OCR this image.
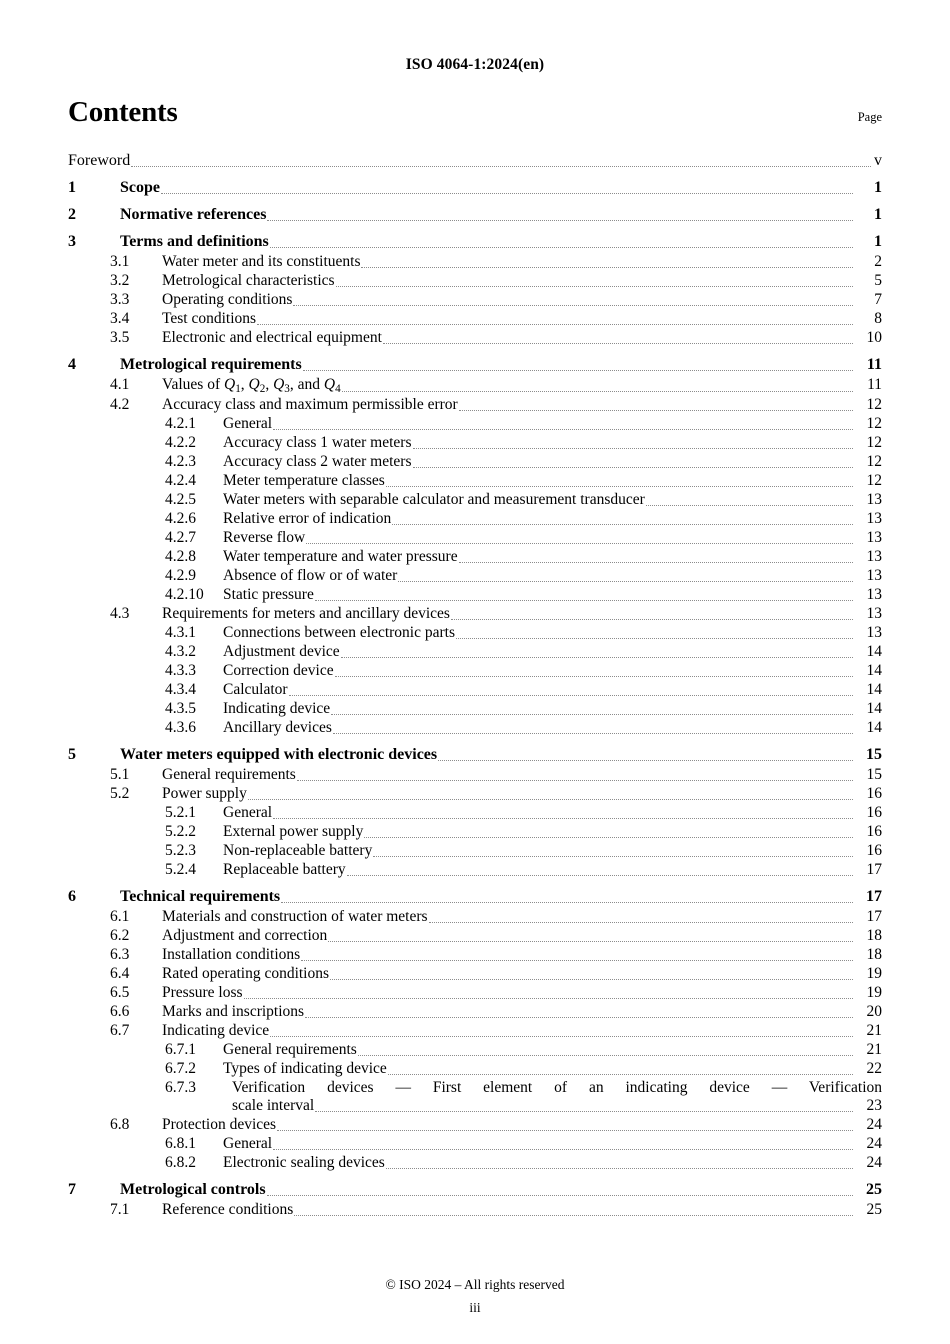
ISO 4064-1:2024(en)
Contents	Page
Foreword	v
1	Scope	1
2	Normative references	1
3	Terms and definitions	1
3.1	Water meter and its constituents	2
3.2	Metrological characteristics	5
3.3	Operating conditions	7
3.4	Test conditions	8
3.5	Electronic and electrical equipment	10
4	Metrological requirements	11
4.1	Values of $Q_1$, $Q_2$, $Q_3$, and $Q_4$	11
4.2	Accuracy class and maximum permissible error	12
4.2.1	General	12
4.2.2	Accuracy class 1 water meters	12
4.2.3	Accuracy class 2 water meters	12
4.2.4	Meter temperature classes	12
4.2.5	Water meters with separable calculator and measurement transducer	13
4.2.6	Relative error of indication	13
4.2.7	Reverse flow	13
4.2.8	Water temperature and water pressure	13
4.2.9	Absence of flow or of water	13
4.2.10	Static pressure	13
4.3	Requirements for meters and ancillary devices	13
4.3.1	Connections between electronic parts	13
4.3.2	Adjustment device	14
4.3.3	Correction device	14
4.3.4	Calculator	14
4.3.5	Indicating device	14
4.3.6	Ancillary devices	14
5	Water meters equipped with electronic devices	15
5.1	General requirements	15
5.2	Power supply	16
5.2.1	General	16
5.2.2	External power supply	16
5.2.3	Non-replaceable battery	16
5.2.4	Replaceable battery	17
6	Technical requirements	17
6.1	Materials and construction of water meters	17
6.2	Adjustment and correction	18
6.3	Installation conditions	18
6.4	Rated operating conditions	19
6.5	Pressure loss	19
6.6	Marks and inscriptions	20
6.7	Indicating device	21
6.7.1	General requirements	21
6.7.2	Types of indicating device	22
6.7.3	Verification devices — First element of an indicating device — Verification
scale interval	23
6.8	Protection devices	24
6.8.1	General	24
6.8.2	Electronic sealing devices	24
7	Metrological controls	25
7.1	Reference conditions	25
© ISO 2024 – All rights reserved
iii
